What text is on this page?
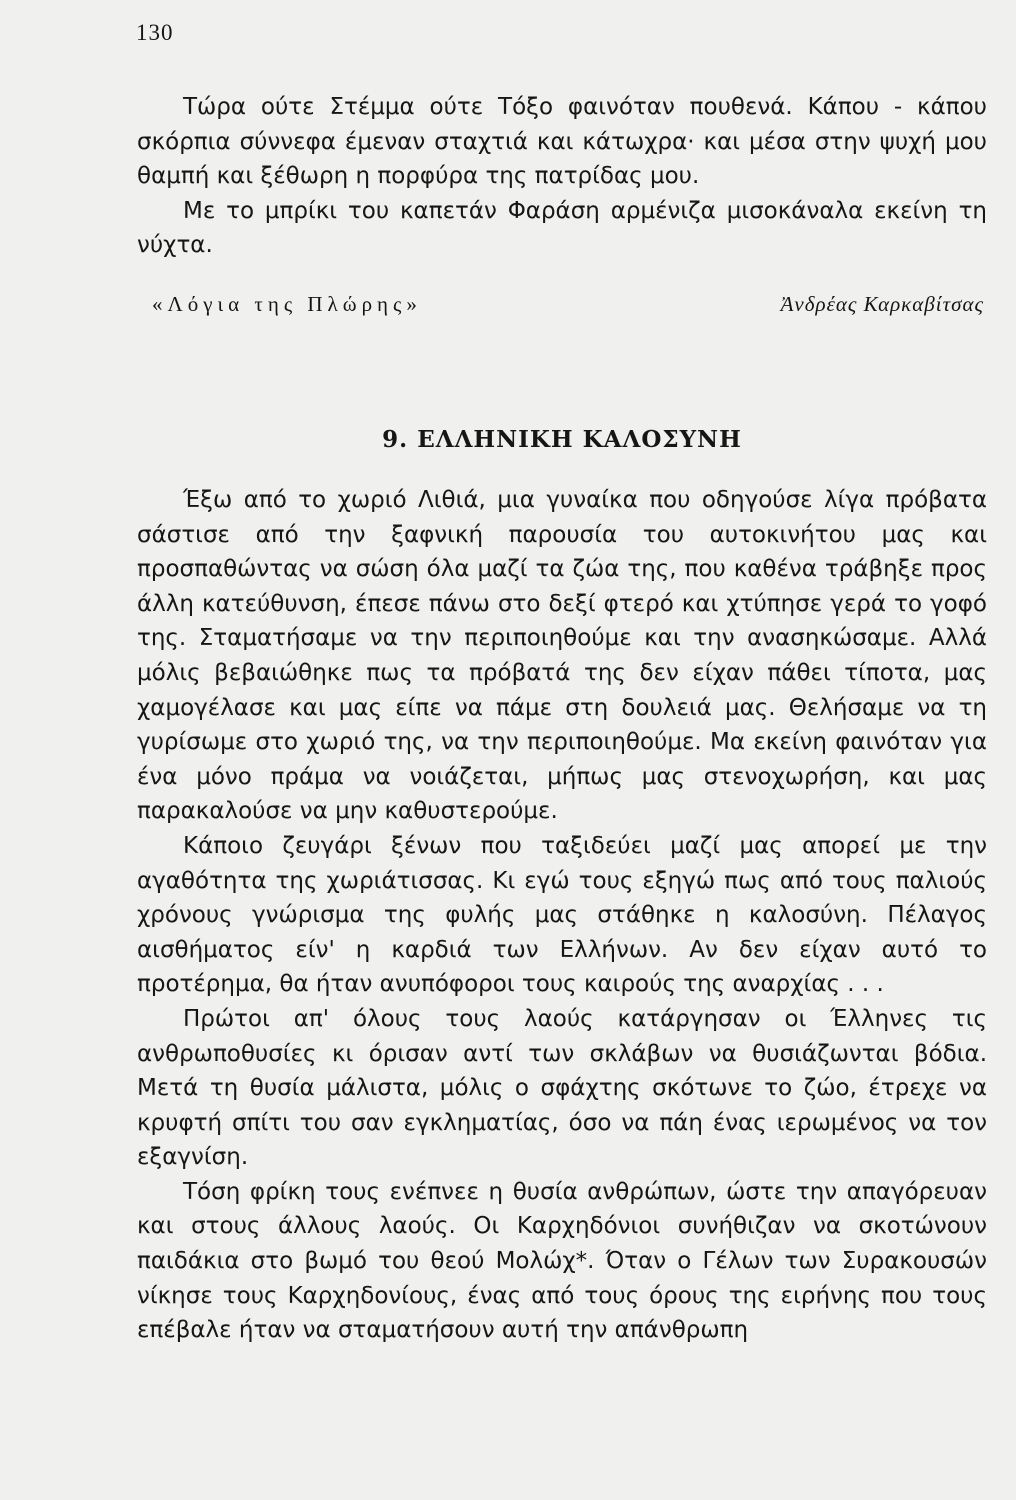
130

Τώρα ούτε Στέμμα ούτε Τόξο φαινόταν πουθενά. Κάπου - κάπου σκόρπια σύννεφα έμεναν σταχτιά και κάτωχρα· και μέσα στην ψυχή μου θαμπή και ξέθωρη η πορφύρα της πατρίδας μου.

Με το μπρίκι του καπετάν Φαράση αρμένιζα μισοκάναλα εκείνη τη νύχτα.

«Λόγια της Πλώρης»	Ἀνδρέας Καρκαβίτσας
9. ΕΛΛΗΝΙΚΗ ΚΑΛΟΣΥΝΗ

Έξω από το χωριό Λιθιά, μια γυναίκα που οδηγούσε λίγα πρόβατα σάστισε από την ξαφνική παρουσία του αυτοκινήτου μας και προσπαθώντας να σώση όλα μαζί τα ζώα της, που καθένα τράβηξε προς άλλη κατεύθυνση, έπεσε πάνω στο δεξί φτερό και χτύπησε γερά το γοφό της. Σταματήσαμε να την περιποιηθούμε και την ανασηκώσαμε. Αλλά μόλις βεβαιώθηκε πως τα πρόβατά της δεν είχαν πάθει τίποτα, μας χαμογέλασε και μας είπε να πάμε στη δουλειά μας. Θελήσαμε να τη γυρίσωμε στο χωριό της, να την περιποιηθούμε. Μα εκείνη φαινόταν για ένα μόνο πράμα να νοιάζεται, μήπως μας στενοχωρήση, και μας παρακαλούσε να μην καθυστερούμε.

Κάποιο ζευγάρι ξένων που ταξιδεύει μαζί μας απορεί με την αγαθότητα της χωριάτισσας. Κι εγώ τους εξηγώ πως από τους παλιούς χρόνους γνώρισμα της φυλής μας στάθηκε η καλοσύνη. Πέλαγος αισθήματος είν' η καρδιά των Ελλήνων. Αν δεν είχαν αυτό το προτέρημα, θα ήταν ανυπόφοροι τους καιρούς της αναρχίας . . .

Πρώτοι απ' όλους τους λαούς κατάργησαν οι Έλληνες τις ανθρωποθυσίες κι όρισαν αντί των σκλάβων να θυσιάζωνται βόδια. Μετά τη θυσία μάλιστα, μόλις ο σφάχτης σκότωνε το ζώο, έτρεχε να κρυφτή σπίτι του σαν εγκληματίας, όσο να πάη ένας ιερωμένος να τον εξαγνίση.

Τόση φρίκη τους ενέπνεε η θυσία ανθρώπων, ώστε την απαγόρευαν και στους άλλους λαούς. Οι Καρχηδόνιοι συνήθιζαν να σκοτώνουν παιδάκια στο βωμό του θεού Μολώχ*. Όταν ο Γέλων των Συρακουσών νίκησε τους Καρχηδονίους, ένας από τους όρους της ειρήνης που τους επέβαλε ήταν να σταματήσουν αυτή την απάνθρωπη
